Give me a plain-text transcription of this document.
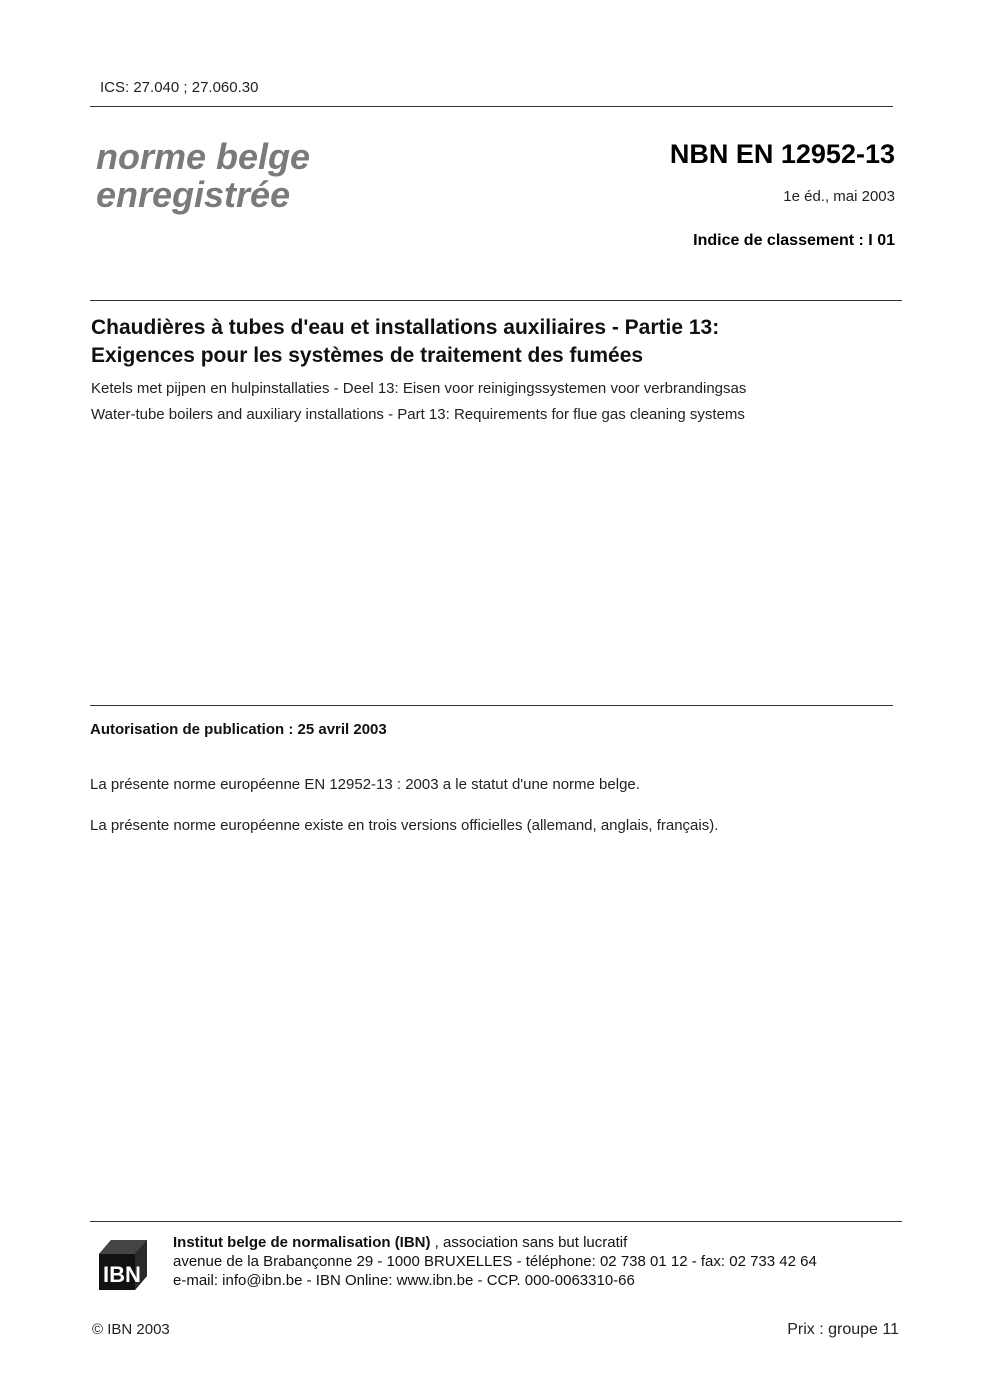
ICS: 27.040 ; 27.060.30
norme belge
enregistrée
NBN EN 12952-13
1e éd., mai 2003
Indice de classement : I 01
Chaudières à tubes d'eau et installations auxiliaires - Partie 13:
Exigences pour les systèmes de traitement des fumées
Ketels met pijpen en hulpinstallaties - Deel 13: Eisen voor reinigingssystemen voor verbrandingsas
Water-tube boilers and auxiliary installations - Part 13: Requirements for flue gas cleaning systems
Autorisation de publication : 25 avril 2003
La présente norme européenne EN 12952-13 : 2003 a le statut d'une norme belge.
La présente norme européenne existe en trois versions officielles (allemand, anglais, français).
IBN
Institut belge de normalisation (IBN) , association sans but lucratif
avenue de la Brabançonne 29 - 1000 BRUXELLES - téléphone: 02 738 01 12 - fax: 02 733 42 64
e-mail: info@ibn.be - IBN Online: www.ibn.be - CCP. 000-0063310-66
© IBN 2003	Prix : groupe 11
